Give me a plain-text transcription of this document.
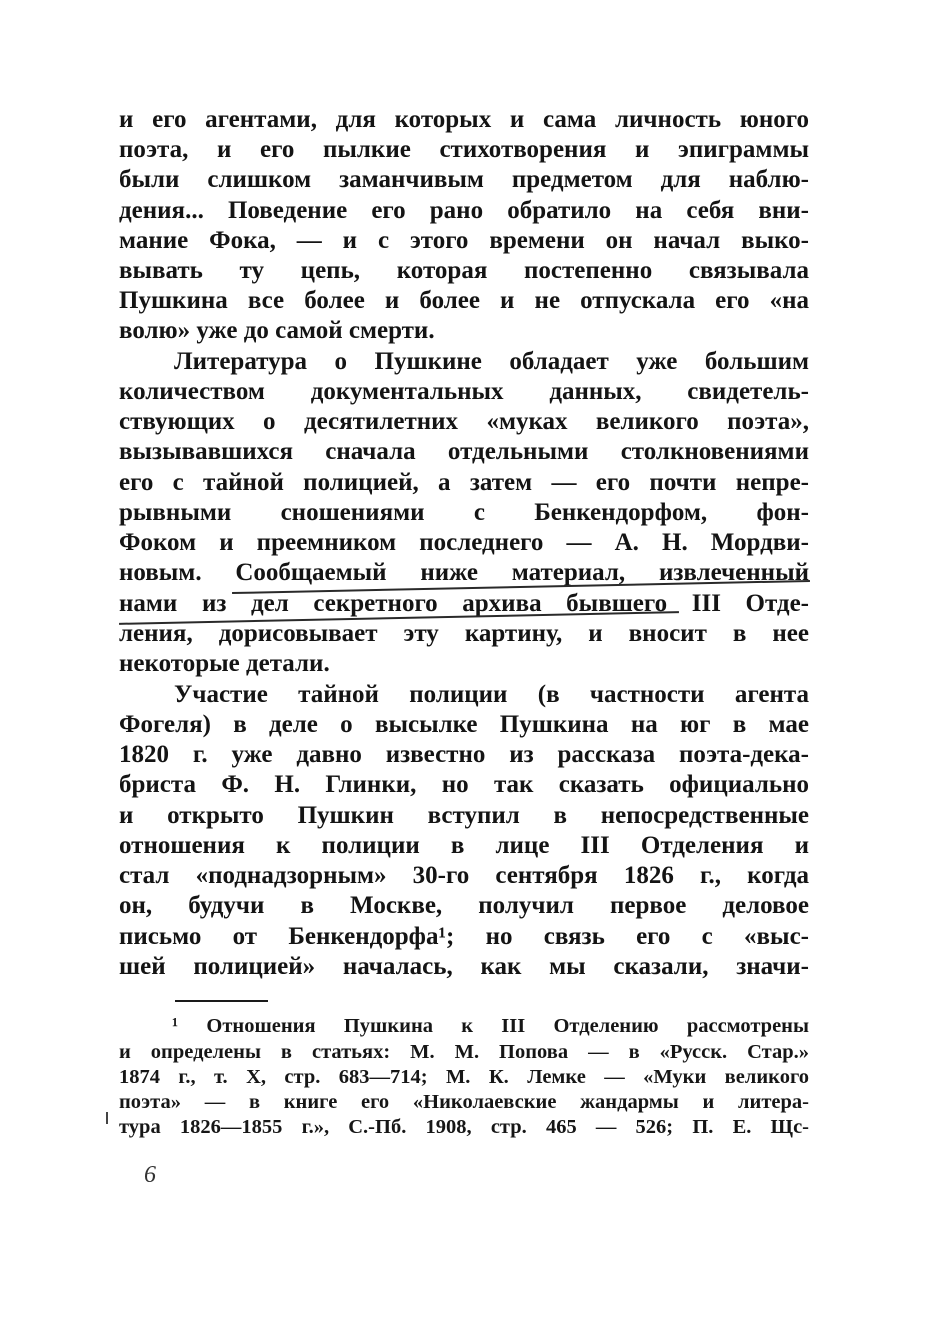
и его агентами, для которых и сама личность юного
поэта, и его пылкие стихотворения и эпиграммы
были слишком заманчивым предметом для наблю-
дения... Поведение его рано обратило на себя вни-
мание Фока, — и с этого времени он начал выко-
вывать ту цепь, которая постепенно связывала
Пушкина все более и более и не отпускала его «на
волю» уже до самой смерти.
Литература о Пушкине обладает уже большим
количеством документальных данных, свидетель-
ствующих о десятилетних «муках великого поэта»,
вызывавшихся сначала отдельными столкновениями
его с тайной полицией, а затем — его почти непре-
рывными сношениями с Бенкендорфом, фон-
Фоком и преемником последнего — А. Н. Мордви-
новым. Сообщаемый ниже материал, извлеченный
нами из дел секретного архива бывшего III Отде-
ления, дорисовывает эту картину, и вносит в нее
некоторые детали.
Участие тайной полиции (в частности агента
Фогеля) в деле о высылке Пушкина на юг в мае
1820 г. уже давно известно из рассказа поэта-дека-
бриста Ф. Н. Глинки, но так сказать официально
и открыто Пушкин вступил в непосредственные
отношения к полиции в лице III Отделения и
стал «поднадзорным» 30-го сентября 1826 г., когда
он, будучи в Москве, получил первое деловое
письмо от Бенкендорфа¹; но связь его с «выс-
шей полицией» началась, как мы сказали, значи-
¹ Отношения Пушкина к III Отделению рассмотрены
и определены в статьях: М. М. Попова — в «Русск. Стар.»
1874 г., т. X, стр. 683—714; М. К. Лемке — «Муки великого
поэта» — в книге его «Николаевские жандармы и литера-
тура 1826—1855 г.», С.-Пб. 1908, стр. 465 — 526; П. Е. Щс-
6
